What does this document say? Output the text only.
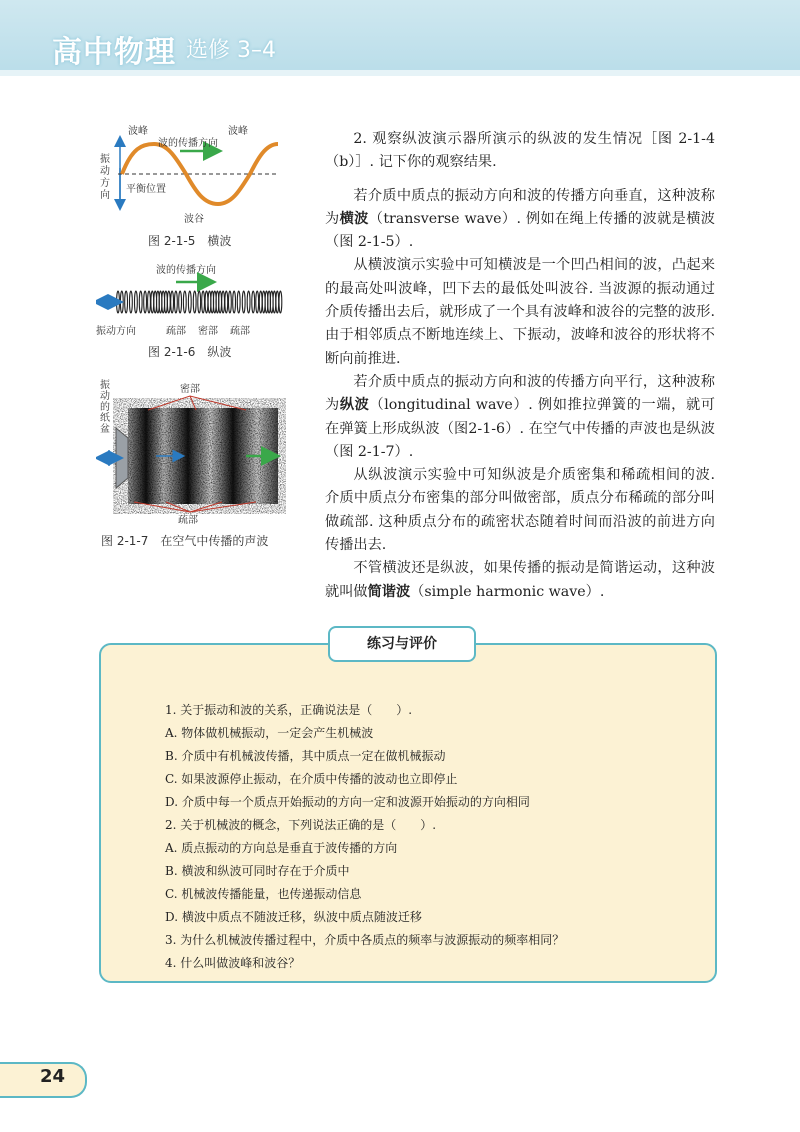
高中物理 选修 3–4
波峰	波峰
波的传播方向
振
动
方
向
平衡位置
波谷
图 2-1-5　横波
波的传播方向
振动方向	疏部 密部 疏部
图 2-1-6　纵波
振
动
的
纸
盆
密部
疏部
图 2-1-7　在空气中传播的声波

2. 观察纵波演示器所演示的纵波的发生情况［图 2-1-4（b）］. 记下你的观察结果.

若介质中质点的振动方向和波的传播方向垂直，这种波称为横波（transverse wave）. 例如在绳上传播的波就是横波（图 2-1-5）.

从横波演示实验中可知横波是一个凹凸相间的波，凸起来的最高处叫波峰，凹下去的最低处叫波谷. 当波源的振动通过介质传播出去后，就形成了一个具有波峰和波谷的完整的波形. 由于相邻质点不断地连续上、下振动，波峰和波谷的形状将不断向前推进.

若介质中质点的振动方向和波的传播方向平行，这种波称为纵波（longitudinal wave）. 例如推拉弹簧的一端，就可在弹簧上形成纵波（图2-1-6）. 在空气中传播的声波也是纵波（图 2-1-7）.

从纵波演示实验中可知纵波是介质密集和稀疏相间的波. 介质中质点分布密集的部分叫做密部，质点分布稀疏的部分叫做疏部. 这种质点分布的疏密状态随着时间而沿波的前进方向传播出去.

不管横波还是纵波，如果传播的振动是简谐运动，这种波就叫做简谐波（simple harmonic wave）.

练习与评价
1. 关于振动和波的关系，正确说法是（　　）.
A. 物体做机械振动，一定会产生机械波
B. 介质中有机械波传播，其中质点一定在做机械振动
C. 如果波源停止振动，在介质中传播的波动也立即停止
D. 介质中每一个质点开始振动的方向一定和波源开始振动的方向相同
2. 关于机械波的概念，下列说法正确的是（　　）.
A. 质点振动的方向总是垂直于波传播的方向
B. 横波和纵波可同时存在于介质中
C. 机械波传播能量，也传递振动信息
D. 横波中质点不随波迁移，纵波中质点随波迁移
3. 为什么机械波传播过程中，介质中各质点的频率与波源振动的频率相同？
4. 什么叫做波峰和波谷？
24
